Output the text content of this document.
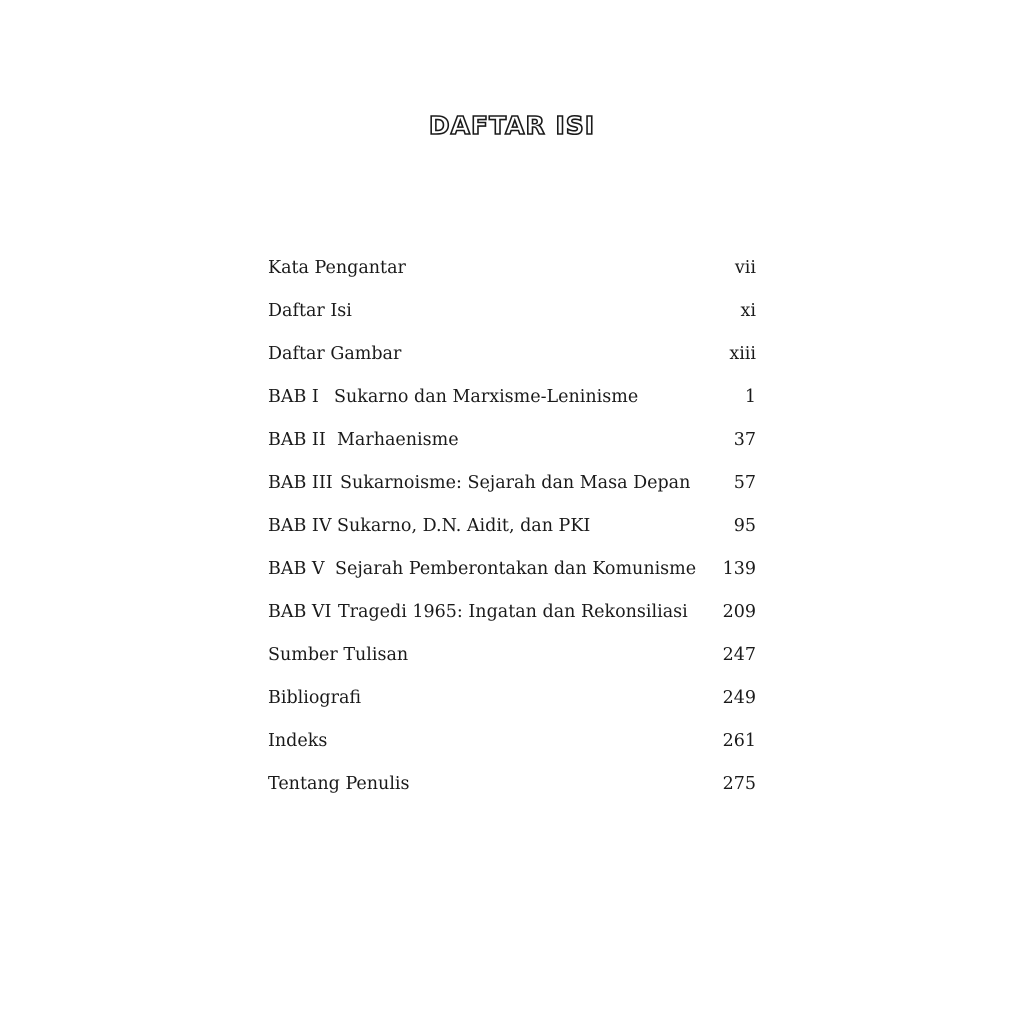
DAFTAR ISI
Kata Pengantar	vii
Daftar Isi	xi
Daftar Gambar	xiii
BAB I Sukarno dan Marxisme-Leninisme	1
BAB II Marhaenisme	37
BAB III Sukarnoisme: Sejarah dan Masa Depan 57
BAB IV Sukarno, D.N. Aidit, dan PKI	95
BAB V Sejarah Pemberontakan dan Komunisme 139
BAB VI Tragedi 1965: Ingatan dan Rekonsiliasi 209
Sumber Tulisan	247
Bibliografi	249
Indeks	261
Tentang Penulis	275
